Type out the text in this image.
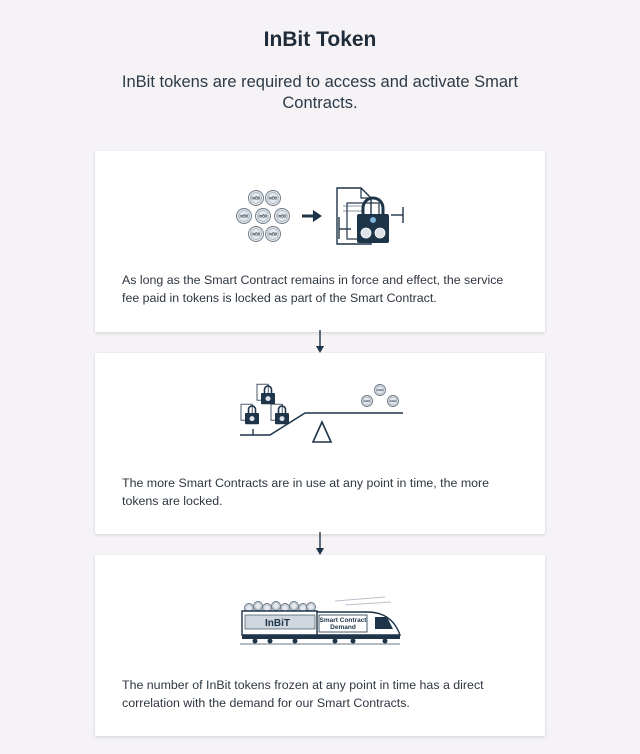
InBit Token
InBit tokens are required to access and activate Smart Contracts.
InBit InBit
InBit InBit InBit
InBit InBit
As long as the Smart Contract remains in force and effect, the service fee paid in tokens is locked as part of the Smart Contract.
InBit
InBit	InBit
The more Smart Contracts are in use at any point in time, the more tokens are locked.
InBiT	Smart Contract
Demand
The number of InBit tokens frozen at any point in time has a direct correlation with the demand for our Smart Contracts.
